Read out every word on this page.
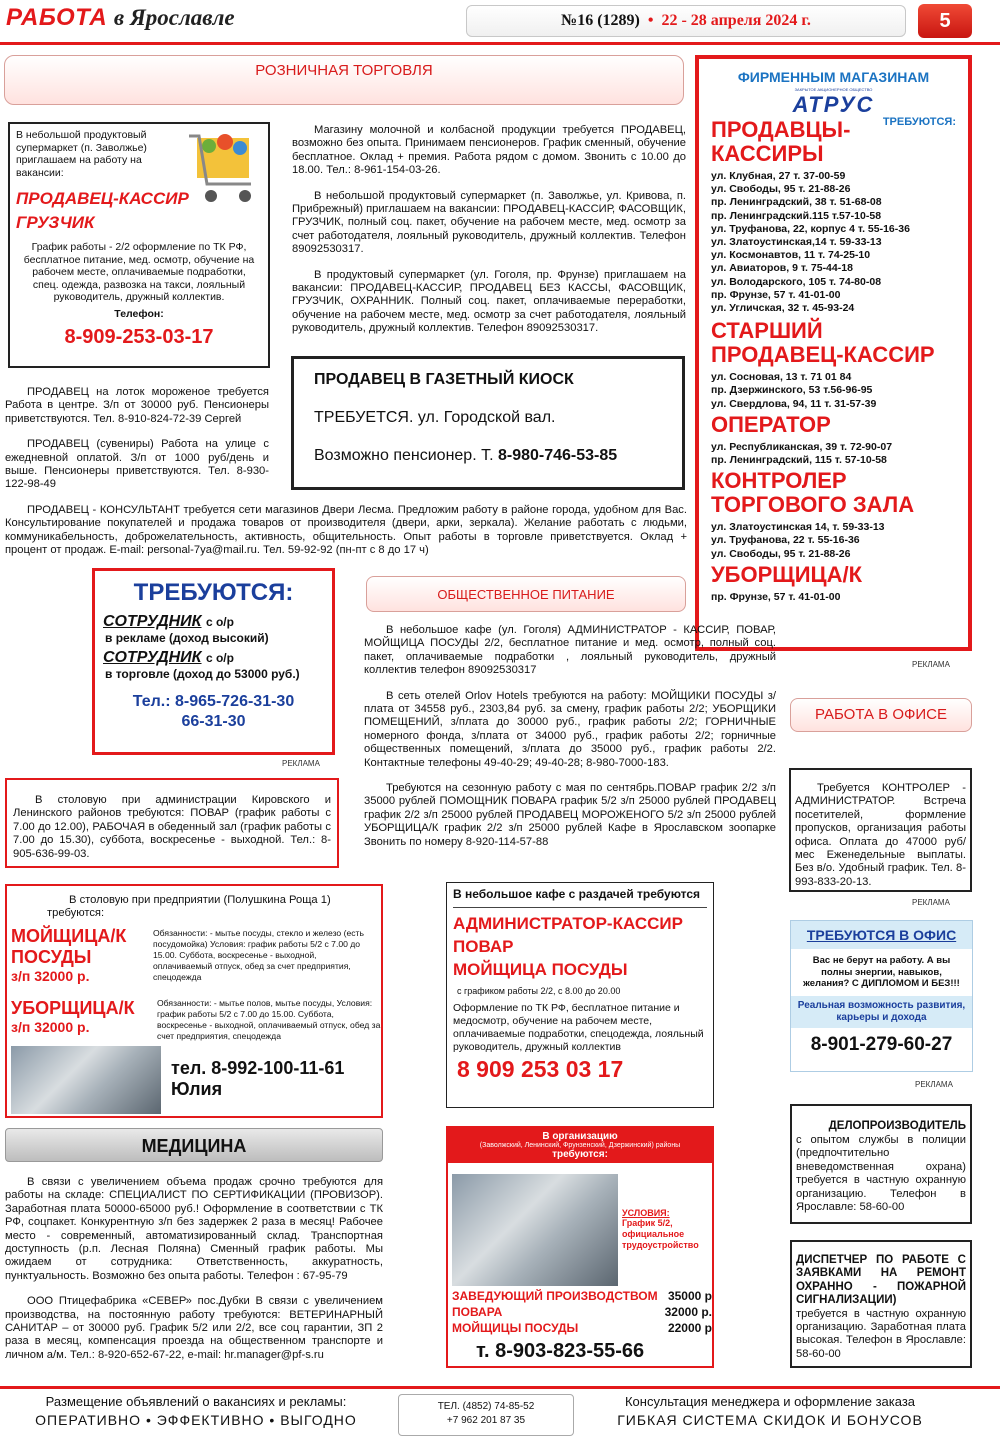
РАБОТА в Ярославле	№16 (1289)  •  22 - 28 апреля 2024 г.	5
РОЗНИЧНАЯ ТОРГОВЛЯ
В небольшой продуктовый супермаркет (п. Заволжье) приглашаем на работу на вакансии:
ПРОДАВЕЦ-КАССИР
ГРУЗЧИК
График работы - 2/2 оформление по ТК РФ, бесплатное питание, мед. осмотр, обучение на рабочем месте, оплачиваемые подработки, спец. одежда, развозка на такси, лояльный руководитель, дружный коллектив.
Телефон:
8-909-253-03-17

Магазину молочной и колбасной продукции требуется ПРОДАВЕЦ, возможно без опыта. Принимаем пенсионеров. График сменный, обучение бесплатное. Оклад + премия. Работа рядом с домом. Звонить с 10.00 до 18.00. Тел.: 8-961-154-03-26.

В небольшой продуктовый супермаркет (п. Заволжье, ул. Кривова, п. Прибрежный) приглашаем на вакансии: ПРОДАВЕЦ-КАССИР, ФАСОВЩИК, ГРУЗЧИК, полный соц. пакет, обучение на рабочем месте, мед. осмотр за счет работодателя, лояльный руководитель, дружный коллектив. Телефон 89092530317.

В продуктовый супермаркет (ул. Гоголя, пр. Фрунзе) приглашаем на вакансии: ПРОДАВЕЦ-КАССИР, ПРОДАВЕЦ БЕЗ КАССЫ, ФАСОВЩИК, ГРУЗЧИК, ОХРАННИК. Полный соц. пакет, оплачиваемые переработки, обучение на рабочем месте, мед. осмотр за счет работодателя, лояльный руководитель, дружный коллектив. Телефон 89092530317.

ПРОДАВЕЦ В ГАЗЕТНЫЙ КИОСК
ТРЕБУЕТСЯ. ул. Городской вал.
Возможно пенсионер. Т. 8-980-746-53-85

ПРОДАВЕЦ на лоток мороженое требуется Работа в центре. З/п от 30000 руб. Пенсионеры приветствуются. Тел. 8-910-824-72-39 Сергей

ПРОДАВЕЦ (сувениры) Работа на улице с ежедневной оплатой. З/п от 1000 руб/день и выше. Пенсионеры приветствуются. Тел. 8-930-122-98-49

ПРОДАВЕЦ - КОНСУЛЬТАНТ требуется сети магазинов Двери Лесма. Предложим работу в районе города, удобном для Вас. Консультирование покупателей и продажа товаров от производителя (двери, арки, зеркала). Желание работать с людьми, коммуникабельность, доброжелательность, активность, общительность. Опыт работы в торговле приветствуется. Оклад + процент от продаж. E-mail: personal-7ya@mail.ru. Тел. 59-92-92 (пн-пт с 8 до 17 ч)
ФИРМЕННЫМ МАГАЗИНАМ
ЗАКРЫТОЕ АКЦИОНЕРНОЕ ОБЩЕСТВО
АТРУС
ТРЕБУЮТСЯ:
ПРОДАВЦЫ-КАССИРЫ
ул. Клубная, 27 т. 37-00-59
ул. Свободы, 95 т. 21-88-26
пр. Ленинградский, 38 т. 51-68-08
пр. Ленинградский.115 т.57-10-58
ул. Труфанова, 22, корпус 4 т. 55-16-36
ул. Златоустинская,14 т. 59-33-13
ул. Космонавтов, 11 т. 74-25-10
ул. Авиаторов, 9 т. 75-44-18
ул. Володарского, 105 т. 74-80-08
пр. Фрунзе, 57 т. 41-01-00
ул. Угличская, 32 т. 45-93-24
СТАРШИЙ ПРОДАВЕЦ-КАССИР
ул. Сосновая, 13 т. 71 01 84
пр. Дзержинского, 53 т.56-96-95
ул. Свердлова, 94, 11 т. 31-57-39
ОПЕРАТОР
ул. Республиканская, 39 т. 72-90-07
пр. Ленинградский, 115 т. 57-10-58
КОНТРОЛЕР ТОРГОВОГО ЗАЛА
ул. Златоустинская 14, т. 59-33-13
ул. Труфанова, 22 т. 55-16-36
ул. Свободы, 95 т. 21-88-26
УБОРЩИЦА/К
пр. Фрунзе, 57 т. 41-01-00
РЕКЛАМА
ТРЕБУЮТСЯ:
СОТРУДНИК с о/р
в рекламе (доход высокий)
СОТРУДНИК с о/р
в торговле (доход до 53000 руб.)
Тел.: 8-965-726-31-30
66-31-30
РЕКЛАМА
ОБЩЕСТВЕННОЕ ПИТАНИЕ

В небольшое кафе (ул. Гоголя) АДМИНИСТРАТОР - КАССИР, ПОВАР, МОЙЩИЦА ПОСУДЫ 2/2, бесплатное питание и мед. осмотр, полный соц. пакет, оплачиваемые подработки , лояльный руководитель, дружный коллектив телефон 89092530317

В сеть отелей Orlov Hotels требуются на работу: МОЙЩИКИ ПОСУДЫ з/плата от 34558 руб., 2303,84 руб. за смену, график работы 2/2; УБОРЩИКИ ПОМЕЩЕНИЙ, з/плата до 30000 руб., график работы 2/2; ГОРНИЧНЫЕ номерного фонда, з/плата от 34000 руб., график работы 2/2; горничные общественных помещений, з/плата до 35000 руб., график работы 2/2. Контактные телефоны 49-40-29; 49-40-28; 8-980-7000-183.

Требуются на сезонную работу с мая по сентябрь.ПОВАР график 2/2 з/п 35000 рублей ПОМОЩНИК ПОВАРА график 5/2 з/п 25000 рублей ПРОДАВЕЦ график 2/2 з/п 25000 рублей ПРОДАВЕЦ МОРОЖЕНОГО 5/2 з/п 25000 рублей УБОРЩИЦА/К график 2/2 з/п 25000 рублей Кафе в Ярославском зоопарке Звонить по номеру 8-920-114-57-88

В столовую при администрации Кировского и Ленинского районов требуются: ПОВАР (график работы с 7.00 до 12.00), РАБОЧАЯ в обеденный зал (график работы с 7.00 до 15.30), суббота, воскресенье - выходной. Тел.: 8-905-636-99-03.
РАБОТА В ОФИСЕ
Требуется КОНТРОЛЕР - АДМИНИСТРАТОР. Встреча посетителей, формление пропусков, организация работы офиса. Оплата до 47000 руб/мес Еженедельные выплаты. Без в/о. Удобный график. Тел. 8-993-833-20-13.
РЕКЛАМА
ТРЕБУЮТСЯ В ОФИС
Вас не берут на работу. А вы полны энергии, навыков, желания? С ДИПЛОМОМ И БЕЗ!!!
Реальная возможность развития, карьеры и дохода
8-901-279-60-27
РЕКЛАМА
ДЕЛОПРОИЗВОДИТЕЛЬ
с опытом службы в полиции (предпочтительно вневедомственная охрана) требуется в частную охранную организацию. Телефон в Ярославле: 58-60-00
ДИСПЕТЧЕР ПО РАБОТЕ С ЗАЯВКАМИ НА РЕМОНТ ОХРАННО - ПОЖАРНОЙ СИГНАЛИЗАЦИИ)
требуется в частную охранную организацию. Заработная плата высокая. Телефон в Ярославле: 58-60-00
В столовую при предприятии (Полушкина Роща 1) требуются:
МОЙЩИЦА/К
ПОСУДЫ
з/п 32000 р.
Обязанности: - мытье посуды, стекло и железо (есть посудомойка) Условия: график работы 5/2 с 7.00 до 15.00. Суббота, воскресенье - выходной, оплачиваемый отпуск, обед за счет предприятия, спецодежда
УБОРЩИЦА/К
з/п 32000 р.
Обязанности: - мытье полов, мытье посуды, Условия: график работы 5/2 с 7.00 до 15.00. Суббота, воскресенье - выходной, оплачиваемый отпуск, обед за счет предприятия, спецодежда
тел. 8-992-100-11-61
Юлия
В небольшое кафе с раздачей требуются
АДМИНИСТРАТОР-КАССИР
ПОВАР
МОЙЩИЦА ПОСУДЫ
с графиком работы 2/2, с 8.00 до 20.00
Оформление по ТК РФ, бесплатное питание и медосмотр, обучение на рабочем месте, оплачиваемые подработки, спецодежда, лояльный руководитель, дружный коллектив
8 909 253 03 17
МЕДИЦИНА

В связи с увеличением объема продаж срочно требуются для работы на складе: СПЕЦИАЛИСТ ПО СЕРТИФИКАЦИИ (ПРОВИЗОР). Заработная плата 50000-65000 руб.! Оформление в соответствии с ТК РФ, соцпакет. Конкурентную з/п без задержек 2 раза в месяц! Рабочее место - современный, автоматизированный склад. Транспортная доступность (р.п. Лесная Поляна) Сменный график работы. Мы ожидаем от сотрудника: Ответственность, аккуратность, пунктуальность. Возможно без опыта работы. Телефон : 67-95-79

ООО Птицефабрика «СЕВЕР» пос.Дубки В связи с увеличением производства, на постоянную работу требуются: ВЕТЕРИНАРНЫЙ САНИТАР – от 30000 руб. График 5/2 или 2/2, все соц гарантии, ЗП 2 раза в месяц, компенсация проезда на общественном транспорте и личном а/м. Тел.: 8-920-652-67-22, e-mail: hr.manager@pf-s.ru

В организацию
(Заволжский, Ленинский, Фрунзенский, Дзержинский) районы
требуются:
УСЛОВИЯ:
График 5/2, официальное трудоустройство
ЗАВЕДУЮЩИЙ ПРОИЗВОДСТВОМ 35000 р
ПОВАРА	32000 р.
МОЙЩИЦЫ ПОСУДЫ	22000 р
т. 8-903-823-55-66
Размещение объявлений о вакансиях и рекламы:
ОПЕРАТИВНО • ЭФФЕКТИВНО • ВЫГОДНО
ТЕЛ. (4852) 74-85-52
+7 962 201 87 35
Консультация менеджера и оформление заказа
ГИБКАЯ СИСТЕМА СКИДОК И БОНУСОВ
